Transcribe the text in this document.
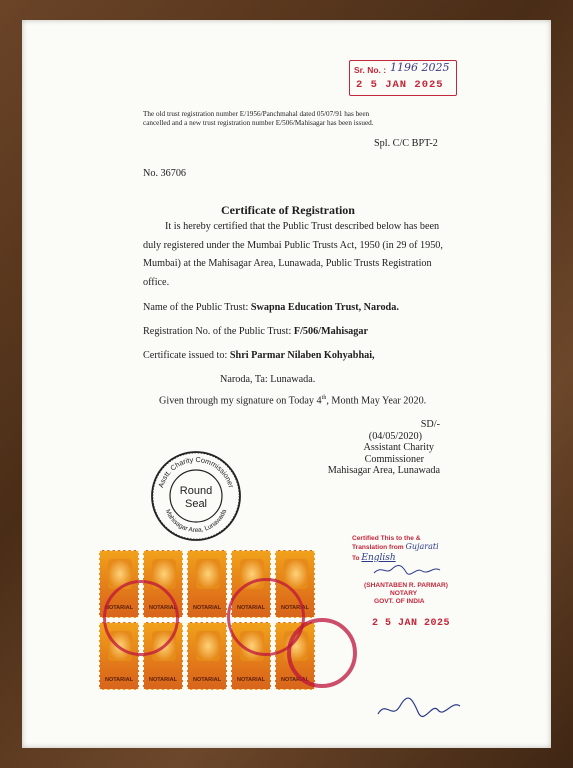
Sr. No. : 1196 2025
2 5 JAN 2025
The old trust registration number E/1956/Panchmahal dated 05/07/91 has been
cancelled and a new trust registration number E/506/Mahisagar has been issued.
Spl. C/C BPT-2
No. 36706
Certificate of Registration
It is hereby certified that the Public Trust described below has been
duly registered under the Mumbai Public Trusts Act, 1950 (in 29 of 1950,
Mumbai) at the Mahisagar Area, Lunawada, Public Trusts Registration
office.
Name of the Public Trust: Swapna Education Trust, Naroda.
Registration No. of the Public Trust: F/506/Mahisagar
Certificate issued to: Shri Parmar Nilaben Kohyabhai,
Naroda, Ta: Lunawada.
Given through my signature on Today 4th, Month May Year 2020.
SD/-
(04/05/2020)
Assistant Charity
Commissioner
Mahisagar Area, Lunawada
Asstt. Charity Commissioner
Mahisagar Area, Lunawada
Round
Seal
NOTARIAL	NOTARIAL	NOTARIAL	NOTARIAL	NOTARIAL
NOTARIAL	NOTARIAL	NOTARIAL	NOTARIAL	NOTARIAL
Certified This to the &
Translation from Gujarati
To English
(SHANTABEN R. PARMAR)
NOTARY
GOVT. OF INDIA
2 5 JAN 2025
